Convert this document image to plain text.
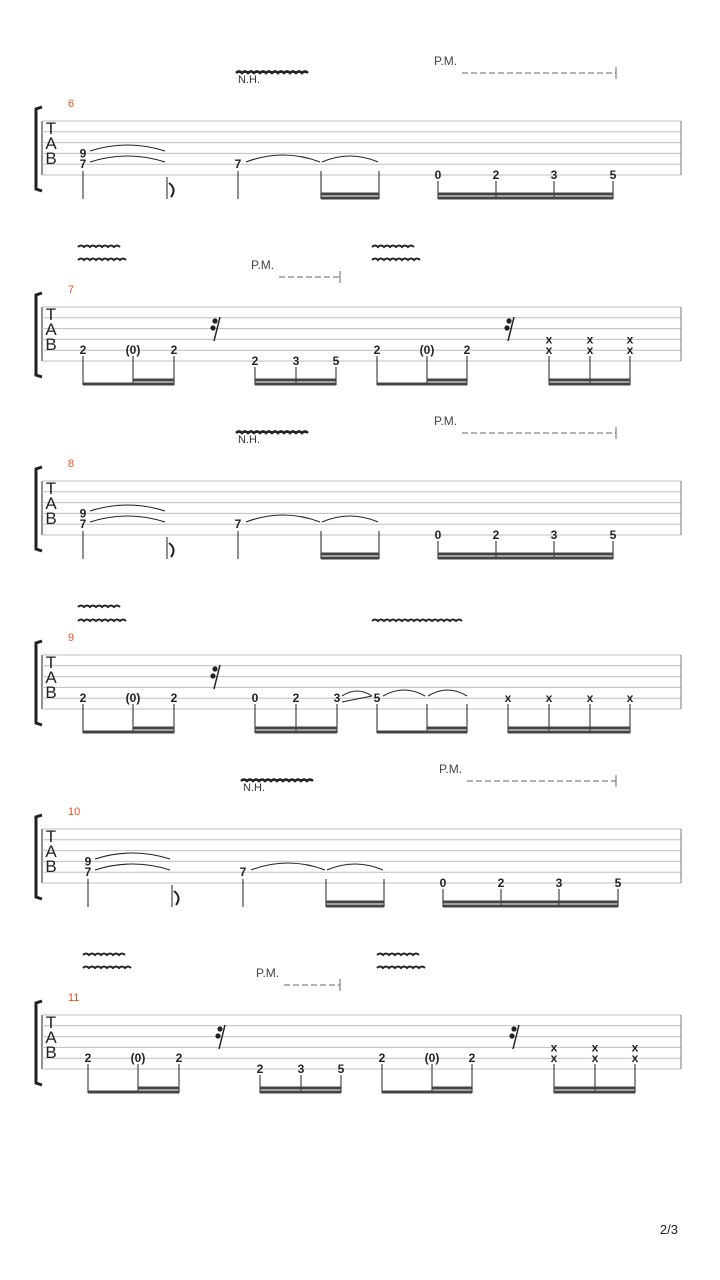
T
A
B
6
9
7	7
0	2	3	5
N.H.
P.M.
T
A
B
7
2	(0)	2
2	3	5
2	(0) 2
x
x
x
x
x
x
P.M.
T
A
B
8
9
7	7
0	2	3	5
N.H.
P.M.
T
A
B
9
2	(0)	2	0	2	3	5	x	x	x	x
T
A
B
10
9
7	7
0	2	3	5
N.H.
P.M.
T
A
B
11
2	(0)	2
2	3	5
2	(0) 2
x
x
x
x
x
x
P.M.
2/3
